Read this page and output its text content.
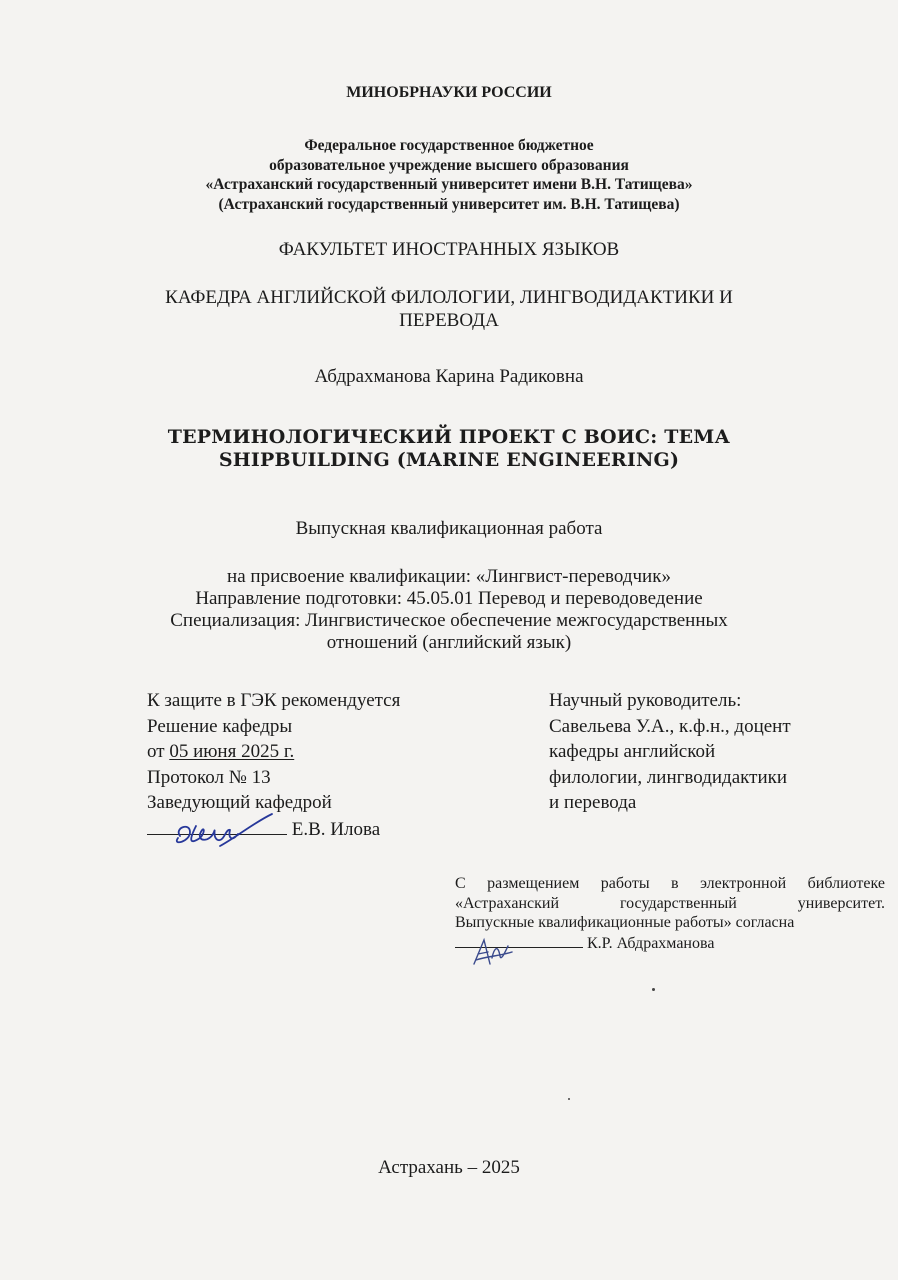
МИНОБРНАУКИ РОССИИ
Федеральное государственное бюджетное
образовательное учреждение высшего образования
«Астраханский государственный университет имени В.Н. Татищева»
(Астраханский государственный университет им. В.Н. Татищева)
ФАКУЛЬТЕТ ИНОСТРАННЫХ ЯЗЫКОВ
КАФЕДРА АНГЛИЙСКОЙ ФИЛОЛОГИИ, ЛИНГВОДИДАКТИКИ И
ПЕРЕВОДА
Абдрахманова Карина Радиковна
ТЕРМИНОЛОГИЧЕСКИЙ ПРОЕКТ С ВОИС: ТЕМА
SHIPBUILDING (MARINE ENGINEERING)
Выпускная квалификационная работа
на присвоение квалификации: «Лингвист-переводчик»
Направление подготовки: 45.05.01 Перевод и переводоведение
Специализация: Лингвистическое обеспечение межгосударственных
отношений (английский язык)
К защите в ГЭК рекомендуется
Решение кафедры
от 05 июня 2025 г.
Протокол № 13
Заведующий кафедрой
Е.В. Илова
Научный руководитель:
Савельева У.А., к.ф.н., доцент
кафедры английской
филологии, лингводидактики
и перевода
С размещением работы в электронной библиотеке
«Астраханский государственный университет.
Выпускные квалификационные работы» согласна
К.Р. Абдрахманова
Астрахань – 2025
